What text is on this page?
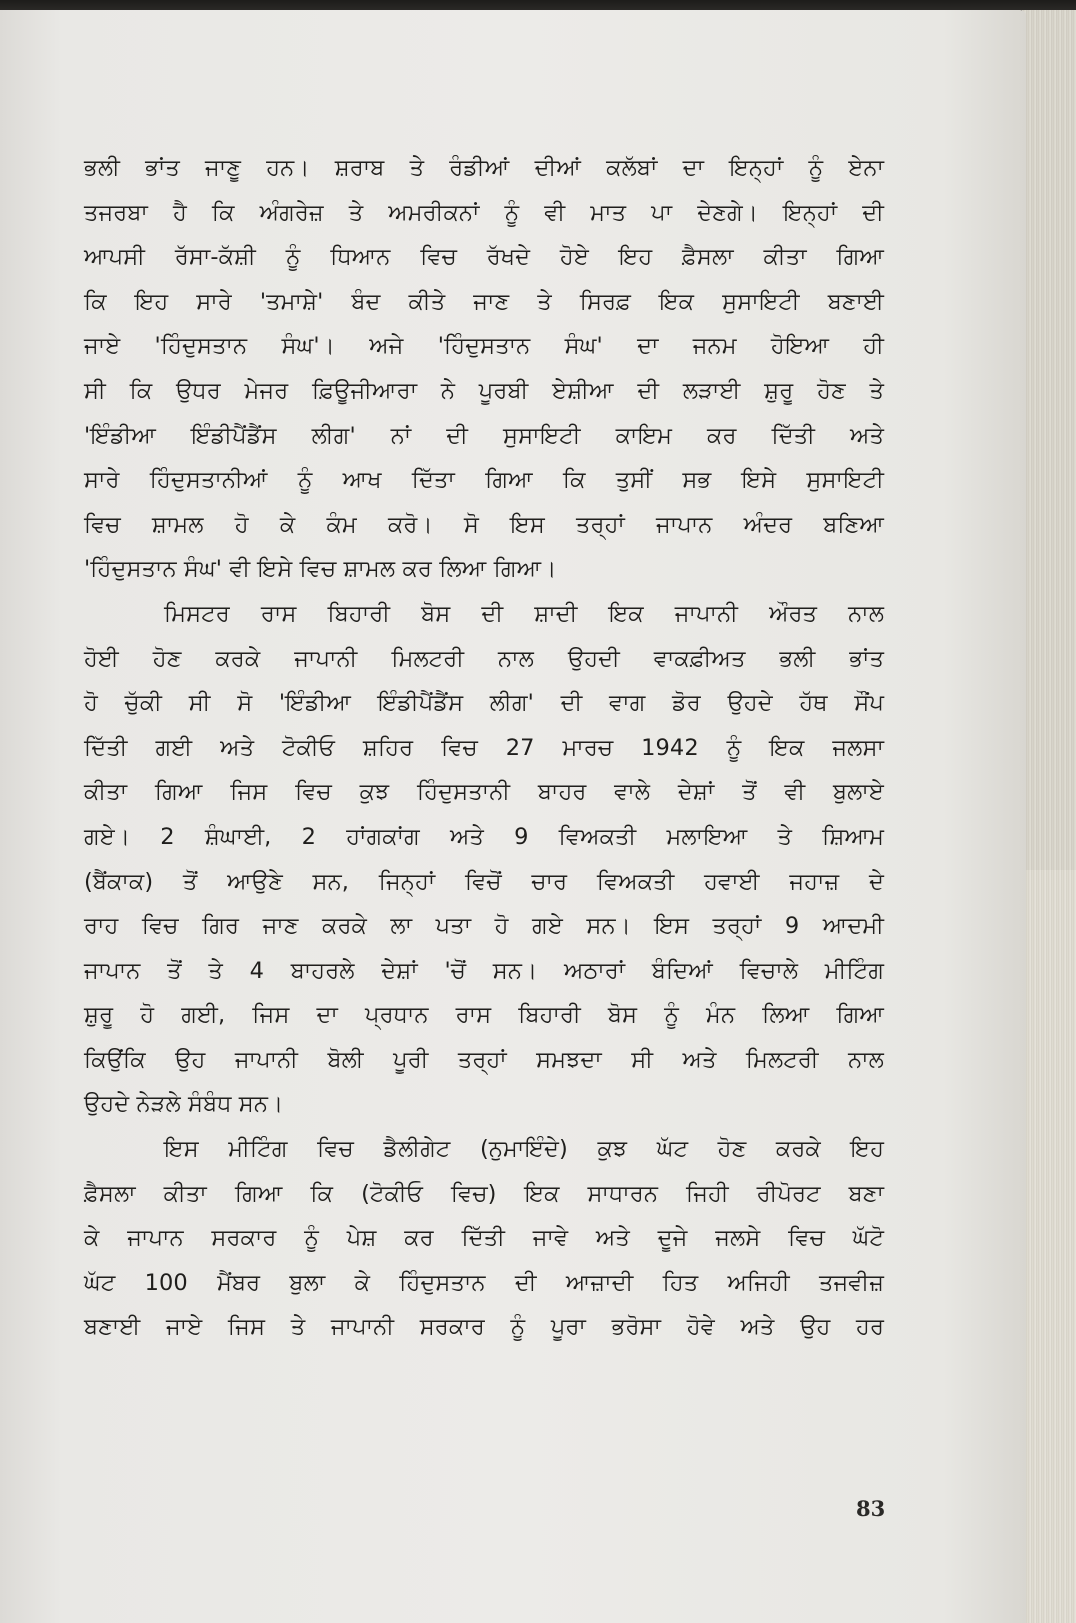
ਭਲੀ ਭਾਂਤ ਜਾਣੂ ਹਨ। ਸ਼ਰਾਬ ਤੇ ਰੰਡੀਆਂ ਦੀਆਂ ਕਲੱਬਾਂ ਦਾ ਇਨ੍ਹਾਂ ਨੂੰ ਏਨਾ
ਤਜਰਬਾ ਹੈ ਕਿ ਅੰਗਰੇਜ਼ ਤੇ ਅਮਰੀਕਨਾਂ ਨੂੰ ਵੀ ਮਾਤ ਪਾ ਦੇਣਗੇ। ਇਨ੍ਹਾਂ ਦੀ
ਆਪਸੀ ਰੱਸਾ-ਕੱਸ਼ੀ ਨੂੰ ਧਿਆਨ ਵਿਚ ਰੱਖਦੇ ਹੋਏ ਇਹ ਫ਼ੈਸਲਾ ਕੀਤਾ ਗਿਆ
ਕਿ ਇਹ ਸਾਰੇ 'ਤਮਾਸ਼ੇ' ਬੰਦ ਕੀਤੇ ਜਾਣ ਤੇ ਸਿਰਫ਼ ਇਕ ਸੁਸਾਇਟੀ ਬਣਾਈ
ਜਾਏ 'ਹਿੰਦੁਸਤਾਨ ਸੰਘ'। ਅਜੇ 'ਹਿੰਦੁਸਤਾਨ ਸੰਘ' ਦਾ ਜਨਮ ਹੋਇਆ ਹੀ
ਸੀ ਕਿ ਉਧਰ ਮੇਜਰ ਫ਼ਿਊਜੀਆਰਾ ਨੇ ਪੂਰਬੀ ਏਸ਼ੀਆ ਦੀ ਲੜਾਈ ਸ਼ੁਰੂ ਹੋਣ ਤੇ
'ਇੰਡੀਆ ਇੰਡੀਪੈਂਡੈਂਸ ਲੀਗ' ਨਾਂ ਦੀ ਸੁਸਾਇਟੀ ਕਾਇਮ ਕਰ ਦਿੱਤੀ ਅਤੇ
ਸਾਰੇ ਹਿੰਦੁਸਤਾਨੀਆਂ ਨੂੰ ਆਖ ਦਿੱਤਾ ਗਿਆ ਕਿ ਤੁਸੀਂ ਸਭ ਇਸੇ ਸੁਸਾਇਟੀ
ਵਿਚ ਸ਼ਾਮਲ ਹੋ ਕੇ ਕੰਮ ਕਰੋ। ਸੋ ਇਸ ਤਰ੍ਹਾਂ ਜਾਪਾਨ ਅੰਦਰ ਬਣਿਆ
'ਹਿੰਦੁਸਤਾਨ ਸੰਘ' ਵੀ ਇਸੇ ਵਿਚ ਸ਼ਾਮਲ ਕਰ ਲਿਆ ਗਿਆ।
ਮਿਸਟਰ ਰਾਸ ਬਿਹਾਰੀ ਬੋਸ ਦੀ ਸ਼ਾਦੀ ਇਕ ਜਾਪਾਨੀ ਔਰਤ ਨਾਲ
ਹੋਈ ਹੋਣ ਕਰਕੇ ਜਾਪਾਨੀ ਮਿਲਟਰੀ ਨਾਲ ਉਹਦੀ ਵਾਕਫ਼ੀਅਤ ਭਲੀ ਭਾਂਤ
ਹੋ ਚੁੱਕੀ ਸੀ ਸੋ 'ਇੰਡੀਆ ਇੰਡੀਪੈਂਡੈਂਸ ਲੀਗ' ਦੀ ਵਾਗ ਡੋਰ ਉਹਦੇ ਹੱਥ ਸੌਂਪ
ਦਿੱਤੀ ਗਈ ਅਤੇ ਟੋਕੀਓ ਸ਼ਹਿਰ ਵਿਚ 27 ਮਾਰਚ 1942 ਨੂੰ ਇਕ ਜਲਸਾ
ਕੀਤਾ ਗਿਆ ਜਿਸ ਵਿਚ ਕੁਝ ਹਿੰਦੁਸਤਾਨੀ ਬਾਹਰ ਵਾਲੇ ਦੇਸ਼ਾਂ ਤੋਂ ਵੀ ਬੁਲਾਏ
ਗਏ। 2 ਸ਼ੰਘਾਈ, 2 ਹਾਂਗਕਾਂਗ ਅਤੇ 9 ਵਿਅਕਤੀ ਮਲਾਇਆ ਤੇ ਸ਼ਿਆਮ
(ਬੈਂਕਾਕ) ਤੋਂ ਆਉਣੇ ਸਨ, ਜਿਨ੍ਹਾਂ ਵਿਚੋਂ ਚਾਰ ਵਿਅਕਤੀ ਹਵਾਈ ਜਹਾਜ਼ ਦੇ
ਰਾਹ ਵਿਚ ਗਿਰ ਜਾਣ ਕਰਕੇ ਲਾ ਪਤਾ ਹੋ ਗਏ ਸਨ। ਇਸ ਤਰ੍ਹਾਂ 9 ਆਦਮੀ
ਜਾਪਾਨ ਤੋਂ ਤੇ 4 ਬਾਹਰਲੇ ਦੇਸ਼ਾਂ 'ਚੋਂ ਸਨ। ਅਠਾਰਾਂ ਬੰਦਿਆਂ ਵਿਚਾਲੇ ਮੀਟਿੰਗ
ਸ਼ੁਰੂ ਹੋ ਗਈ, ਜਿਸ ਦਾ ਪ੍ਰਧਾਨ ਰਾਸ ਬਿਹਾਰੀ ਬੋਸ ਨੂੰ ਮੰਨ ਲਿਆ ਗਿਆ
ਕਿਉਂਕਿ ਉਹ ਜਾਪਾਨੀ ਬੋਲੀ ਪੂਰੀ ਤਰ੍ਹਾਂ ਸਮਝਦਾ ਸੀ ਅਤੇ ਮਿਲਟਰੀ ਨਾਲ
ਉਹਦੇ ਨੇੜਲੇ ਸੰਬੰਧ ਸਨ।
ਇਸ ਮੀਟਿੰਗ ਵਿਚ ਡੈਲੀਗੇਟ (ਨੁਮਾਇੰਦੇ) ਕੁਝ ਘੱਟ ਹੋਣ ਕਰਕੇ ਇਹ
ਫ਼ੈਸਲਾ ਕੀਤਾ ਗਿਆ ਕਿ (ਟੋਕੀਓ ਵਿਚ) ਇਕ ਸਾਧਾਰਨ ਜਿਹੀ ਰੀਪੋਰਟ ਬਣਾ
ਕੇ ਜਾਪਾਨ ਸਰਕਾਰ ਨੂੰ ਪੇਸ਼ ਕਰ ਦਿੱਤੀ ਜਾਵੇ ਅਤੇ ਦੂਜੇ ਜਲਸੇ ਵਿਚ ਘੱਟੋ
ਘੱਟ 100 ਮੈਂਬਰ ਬੁਲਾ ਕੇ ਹਿੰਦੁਸਤਾਨ ਦੀ ਆਜ਼ਾਦੀ ਹਿਤ ਅਜਿਹੀ ਤਜਵੀਜ਼
ਬਣਾਈ ਜਾਏ ਜਿਸ ਤੇ ਜਾਪਾਨੀ ਸਰਕਾਰ ਨੂੰ ਪੂਰਾ ਭਰੋਸਾ ਹੋਵੇ ਅਤੇ ਉਹ ਹਰ
83
